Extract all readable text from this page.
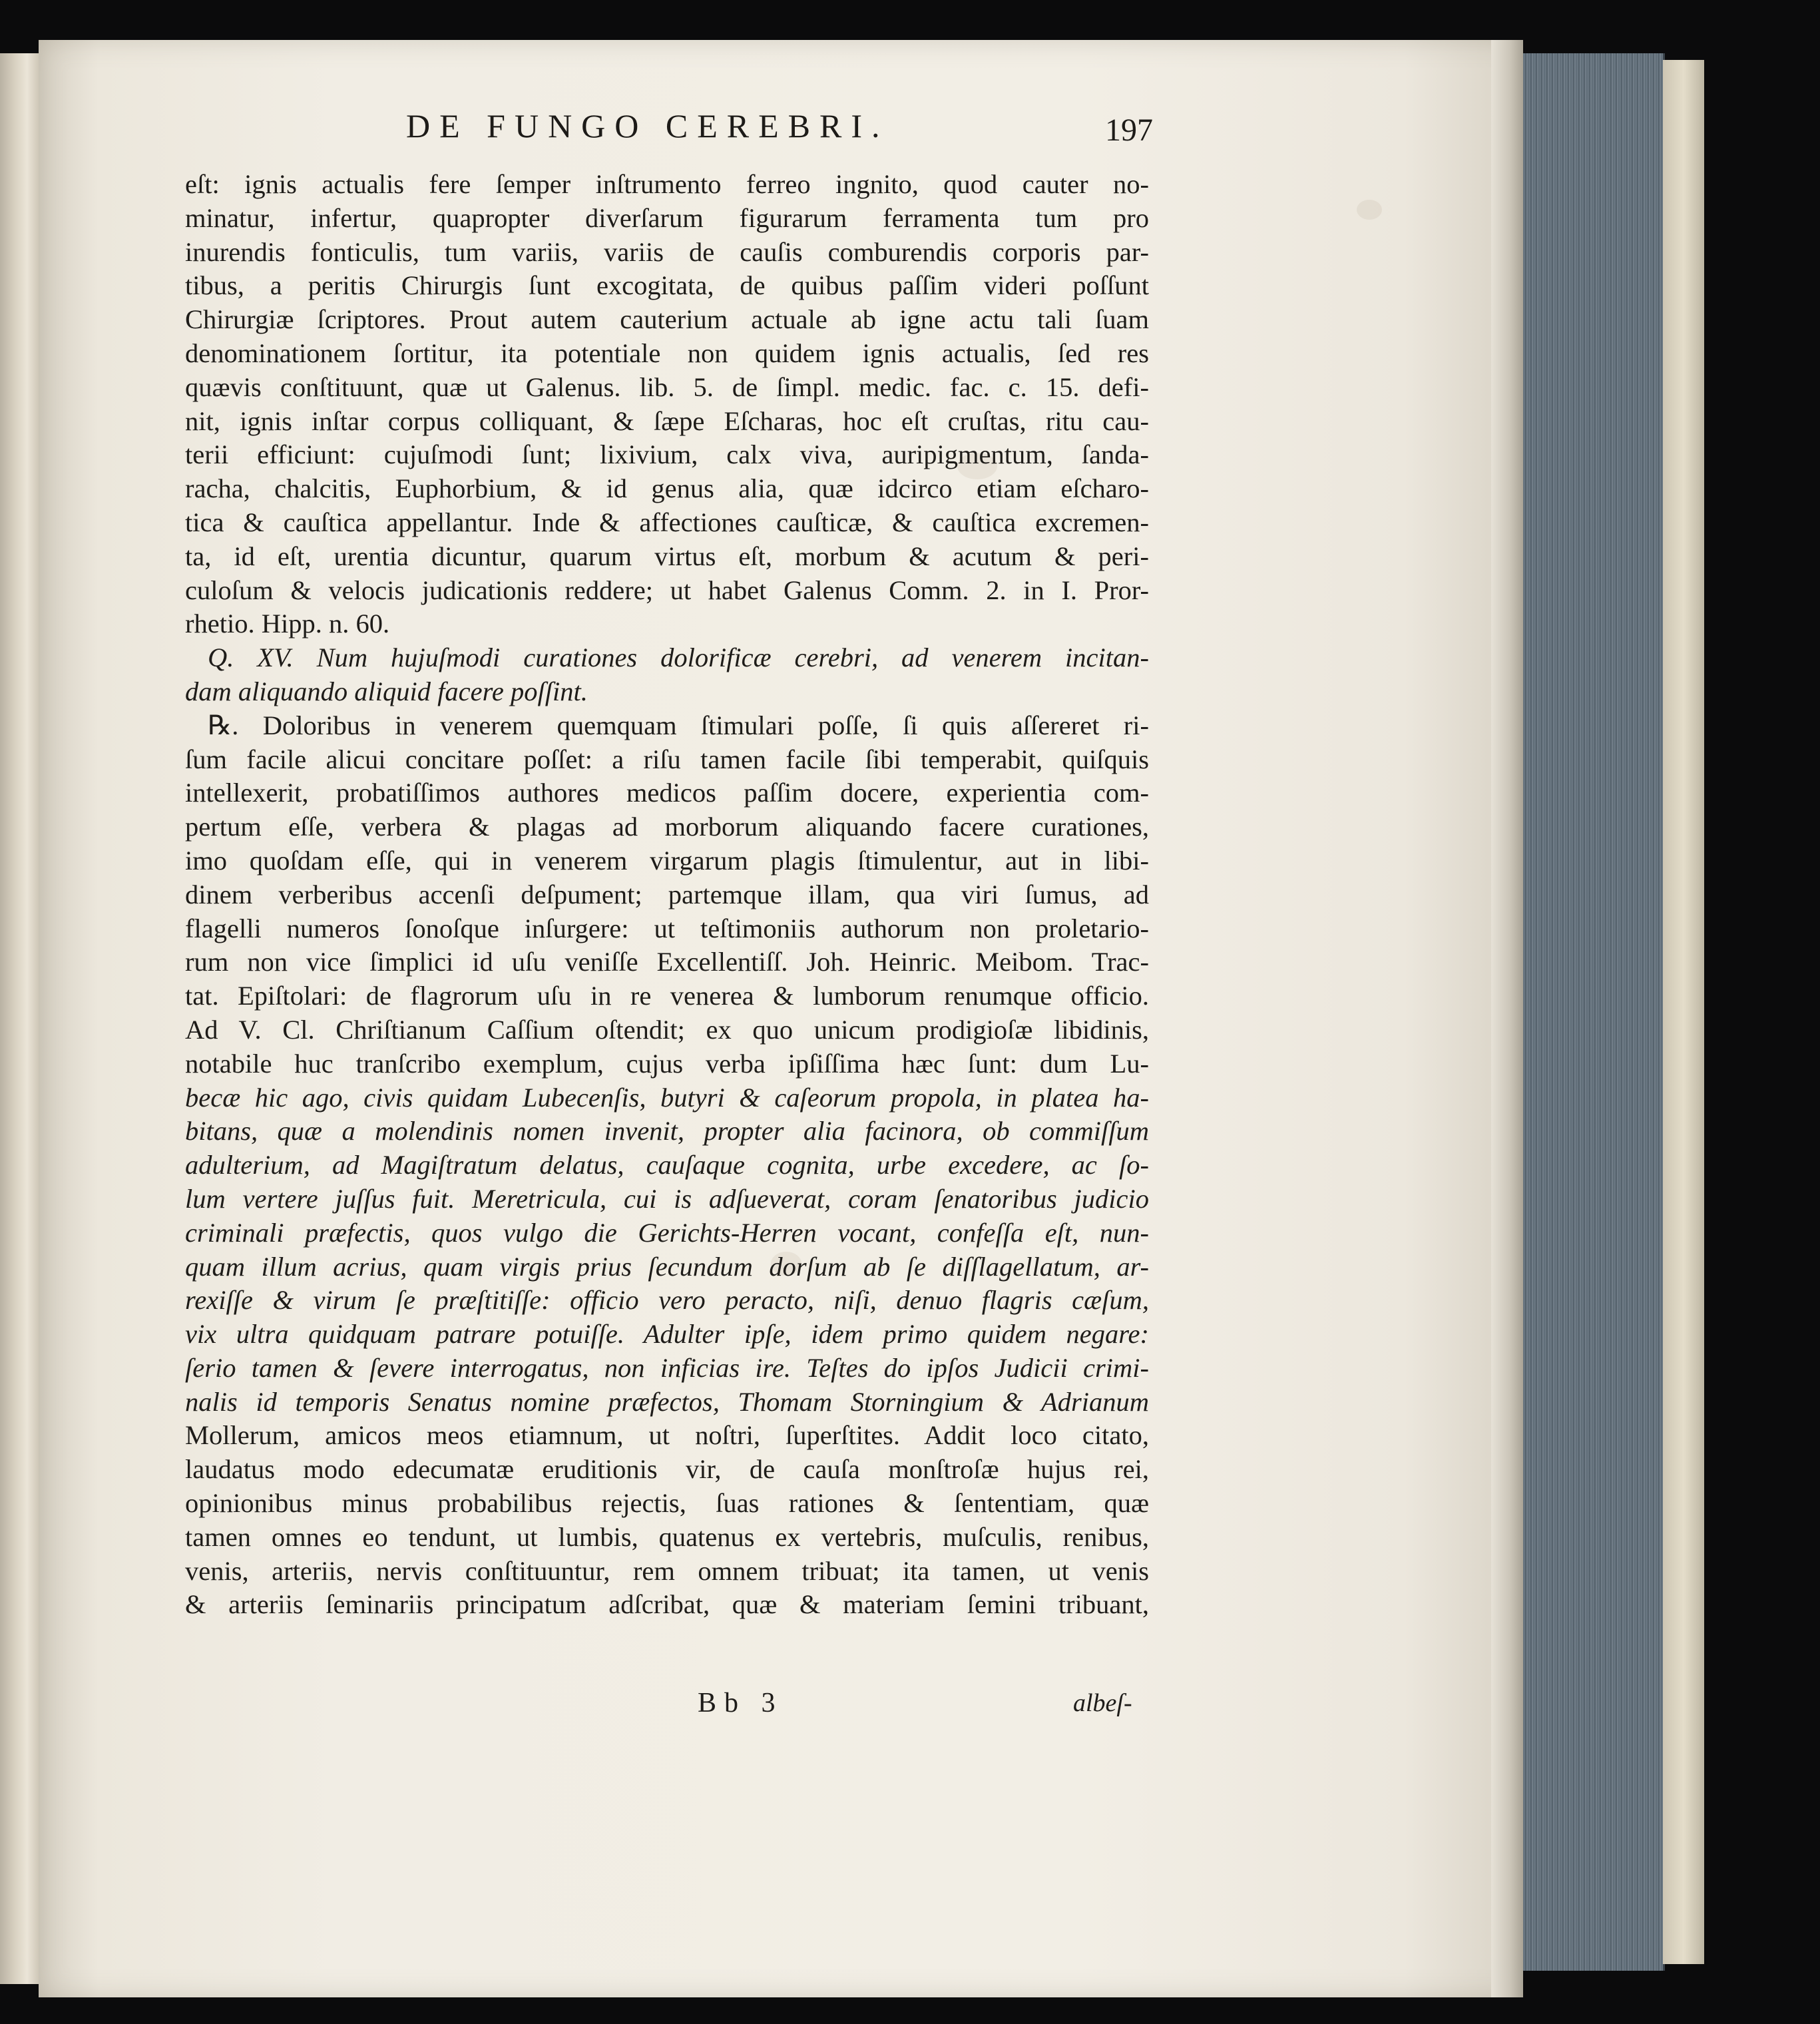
DE FUNGO CEREBRI.	197
eſt: ignis actualis fere ſemper inſtrumento ferreo ingnito, quod cauter no-
minatur, infertur, quapropter diverſarum figurarum ferramenta tum pro
inurendis fonticulis, tum variis, variis de cauſis comburendis corporis par-
tibus, a peritis Chirurgis ſunt excogitata, de quibus paſſim videri poſſunt
Chirurgiæ ſcriptores. Prout autem cauterium actuale ab igne actu tali ſuam
denominationem ſortitur, ita potentiale non quidem ignis actualis, ſed res
quævis conſtituunt, quæ ut Galenus. lib. 5. de ſimpl. medic. fac. c. 15. defi-
nit, ignis inſtar corpus colliquant, & ſæpe Eſcharas, hoc eſt cruſtas, ritu cau-
terii efficiunt: cujuſmodi ſunt; lixivium, calx viva, auripigmentum, ſanda-
racha, chalcitis, Euphorbium, & id genus alia, quæ idcirco etiam eſcharo-
tica & cauſtica appellantur. Inde & affectiones cauſticæ, & cauſtica excremen-
ta, id eſt, urentia dicuntur, quarum virtus eſt, morbum & acutum & peri-
culoſum & velocis judicationis reddere; ut habet Galenus Comm. 2. in I. Pror-
rhetio. Hipp. n. 60.
Q. XV. Num hujuſmodi curationes dolorificæ cerebri, ad venerem incitan-
dam aliquando aliquid facere poſſint.
℞. Doloribus in venerem quemquam ſtimulari poſſe, ſi quis aſſereret ri-
ſum facile alicui concitare poſſet: a riſu tamen facile ſibi temperabit, quiſquis
intellexerit, probatiſſimos authores medicos paſſim docere, experientia com-
pertum eſſe, verbera & plagas ad morborum aliquando facere curationes,
imo quoſdam eſſe, qui in venerem virgarum plagis ſtimulentur, aut in libi-
dinem verberibus accenſi deſpument; partemque illam, qua viri ſumus, ad
flagelli numeros ſonoſque inſurgere: ut teſtimoniis authorum non proletario-
rum non vice ſimplici id uſu veniſſe Excellentiſſ. Joh. Heinric. Meibom. Trac-
tat. Epiſtolari: de flagrorum uſu in re venerea & lumborum renumque officio.
Ad V. Cl. Chriſtianum Caſſium oſtendit; ex quo unicum prodigioſæ libidinis,
notabile huc tranſcribo exemplum, cujus verba ipſiſſima hæc ſunt: dum Lu-
becæ hic ago, civis quidam Lubecenſis, butyri & caſeorum propola, in platea ha-
bitans, quæ a molendinis nomen invenit, propter alia facinora, ob commiſſum
adulterium, ad Magiſtratum delatus, cauſaque cognita, urbe excedere, ac ſo-
lum vertere juſſus fuit. Meretricula, cui is adſueverat, coram ſenatoribus judicio
criminali præfectis, quos vulgo die Gerichts-Herren vocant, confeſſa eſt, nun-
quam illum acrius, quam virgis prius ſecundum dorſum ab ſe diſſlagellatum, ar-
rexiſſe & virum ſe præſtitiſſe: officio vero peracto, niſi, denuo flagris cæſum,
vix ultra quidquam patrare potuiſſe. Adulter ipſe, idem primo quidem negare:
ſerio tamen & ſevere interrogatus, non inficias ire. Teſtes do ipſos Judicii crimi-
nalis id temporis Senatus nomine præfectos, Thomam Storningium & Adrianum
Mollerum, amicos meos etiamnum, ut noſtri, ſuperſtites. Addit loco citato,
laudatus modo edecumatæ eruditionis vir, de cauſa monſtroſæ hujus rei,
opinionibus minus probabilibus rejectis, ſuas rationes & ſententiam, quæ
tamen omnes eo tendunt, ut lumbis, quatenus ex vertebris, muſculis, renibus,
venis, arteriis, nervis conſtituuntur, rem omnem tribuat; ita tamen, ut venis
& arteriis ſeminariis principatum adſcribat, quæ & materiam ſemini tribuant,
Bb 3	albeſ-
